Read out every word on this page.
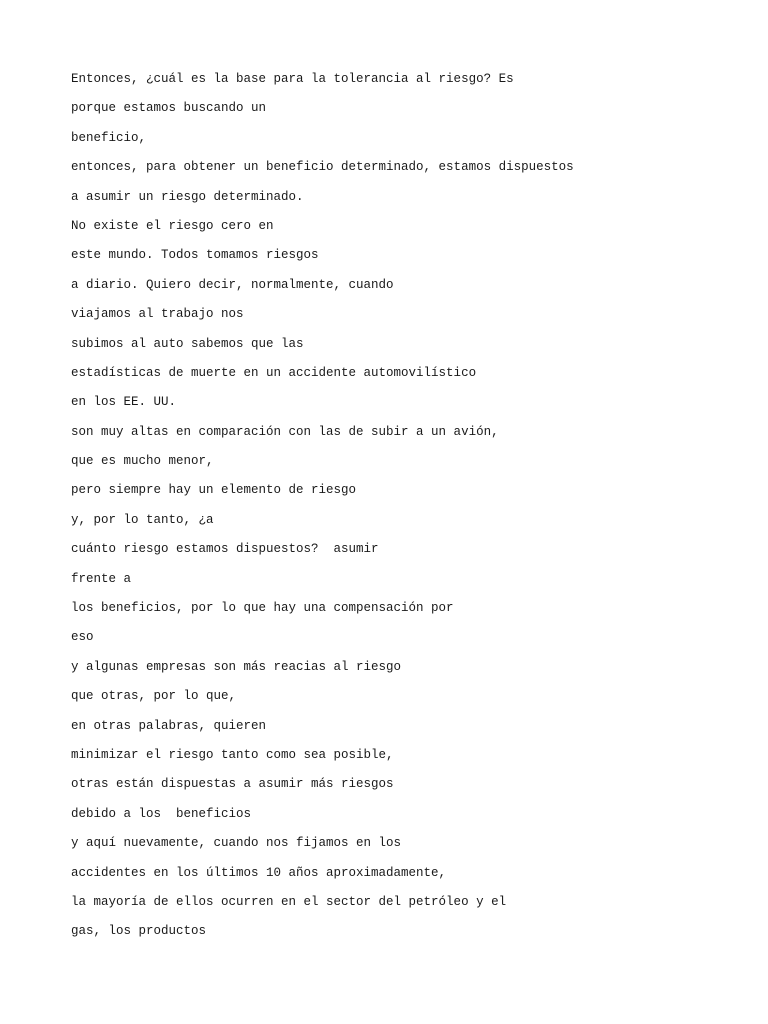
Entonces, ¿cuál es la base para la tolerancia al riesgo? Es
porque estamos buscando un
beneficio,
entonces, para obtener un beneficio determinado, estamos dispuestos
a asumir un riesgo determinado.
No existe el riesgo cero en
este mundo. Todos tomamos riesgos
a diario. Quiero decir, normalmente, cuando
viajamos al trabajo nos
subimos al auto sabemos que las
estadísticas de muerte en un accidente automovilístico
en los EE. UU.
son muy altas en comparación con las de subir a un avión,
que es mucho menor,
pero siempre hay un elemento de riesgo
y, por lo tanto, ¿a
cuánto riesgo estamos dispuestos?  asumir
frente a
los beneficios, por lo que hay una compensación por
eso
y algunas empresas son más reacias al riesgo
que otras, por lo que,
en otras palabras, quieren
minimizar el riesgo tanto como sea posible,
otras están dispuestas a asumir más riesgos
debido a los  beneficios
y aquí nuevamente, cuando nos fijamos en los
accidentes en los últimos 10 años aproximadamente,
la mayoría de ellos ocurren en el sector del petróleo y el
gas, los productos
